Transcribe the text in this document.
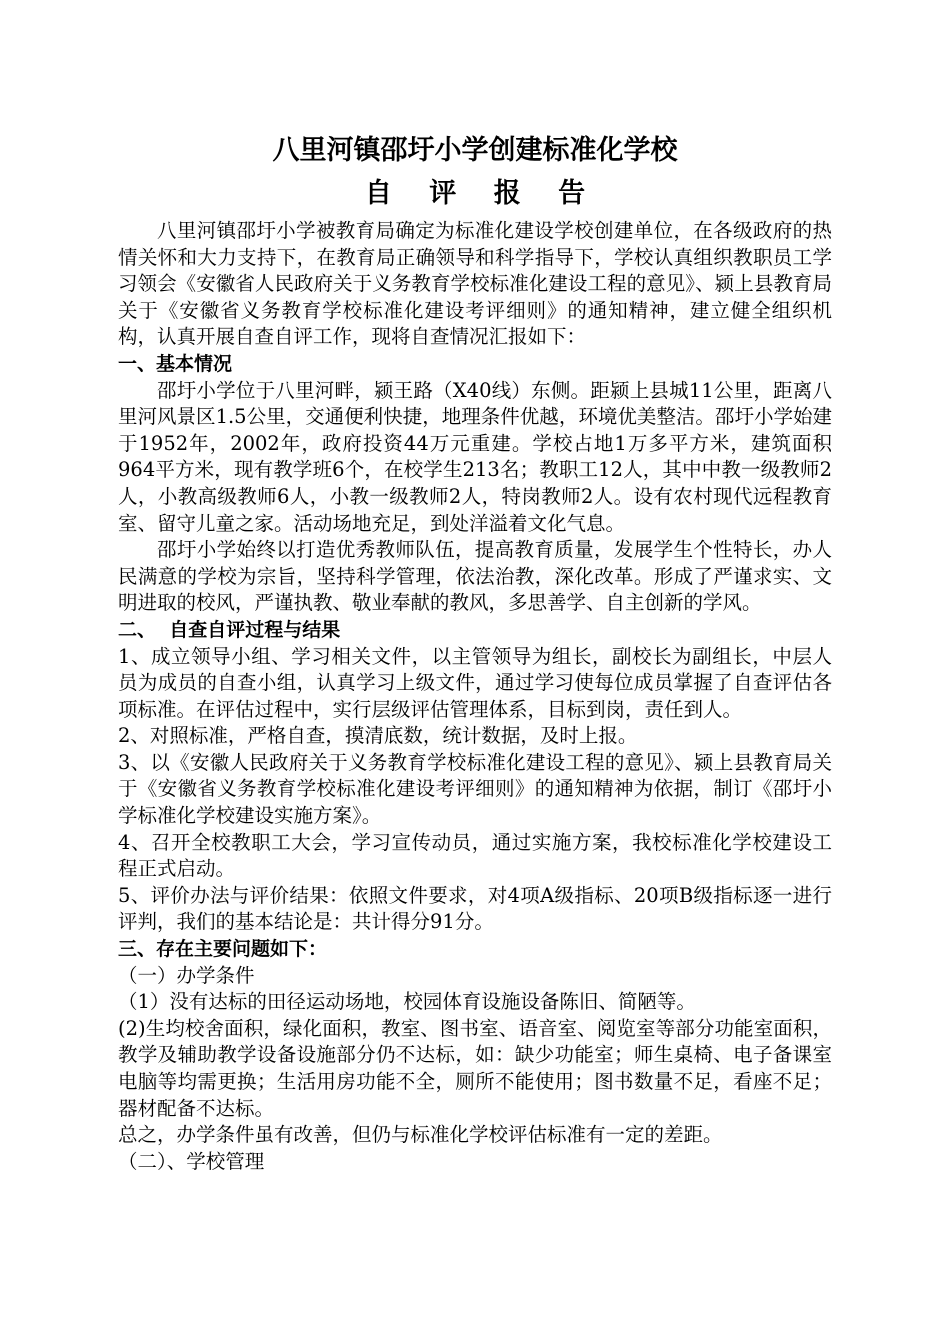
八里河镇邵圩小学创建标准化学校
自 评 报 告

八里河镇邵圩小学被教育局确定为标准化建设学校创建单位，在各级政府的热情关怀和大力支持下，在教育局正确领导和科学指导下，学校认真组织教职员工学习领会《安徽省人民政府关于义务教育学校标准化建设工程的意见》、颍上县教育局关于《安徽省义务教育学校标准化建设考评细则》的通知精神，建立健全组织机构，认真开展自查自评工作，现将自查情况汇报如下：

一、基本情况

邵圩小学位于八里河畔，颍王路（X40线）东侧。距颍上县城11公里，距离八里河风景区1.5公里，交通便利快捷，地理条件优越，环境优美整洁。邵圩小学始建于1952年，2002年，政府投资44万元重建。学校占地1万多平方米，建筑面积964平方米，现有教学班6个，在校学生213名；教职工12人，其中中教一级教师2人，小教高级教师6人，小教一级教师2人，特岗教师2人。设有农村现代远程教育室、留守儿童之家。活动场地充足，到处洋溢着文化气息。

邵圩小学始终以打造优秀教师队伍，提高教育质量，发展学生个性特长，办人民满意的学校为宗旨，坚持科学管理，依法治教，深化改革。形成了严谨求实、文明进取的校风，严谨执教、敬业奉献的教风，多思善学、自主创新的学风。

二、  自查自评过程与结果

1、成立领导小组、学习相关文件，以主管领导为组长，副校长为副组长，中层人员为成员的自查小组，认真学习上级文件，通过学习使每位成员掌握了自查评估各项标准。在评估过程中，实行层级评估管理体系，目标到岗，责任到人。

2、对照标准，严格自查，摸清底数，统计数据，及时上报。

3、以《安徽人民政府关于义务教育学校标准化建设工程的意见》、颍上县教育局关于《安徽省义务教育学校标准化建设考评细则》的通知精神为依据，制订《邵圩小学标准化学校建设实施方案》。

4、召开全校教职工大会，学习宣传动员，通过实施方案，我校标准化学校建设工程正式启动。

5、评价办法与评价结果：依照文件要求，对4项A级指标、20项B级指标逐一进行评判，我们的基本结论是：共计得分91分。

三、存在主要问题如下：

（一）办学条件

（1）没有达标的田径运动场地，校园体育设施设备陈旧、简陋等。

(2)生均校舍面积，绿化面积，教室、图书室、语音室、阅览室等部分功能室面积，教学及辅助教学设备设施部分仍不达标，如：缺少功能室；师生桌椅、电子备课室电脑等均需更换；生活用房功能不全，厕所不能使用；图书数量不足，看座不足；器材配备不达标。

总之，办学条件虽有改善，但仍与标准化学校评估标准有一定的差距。

（二）、学校管理
